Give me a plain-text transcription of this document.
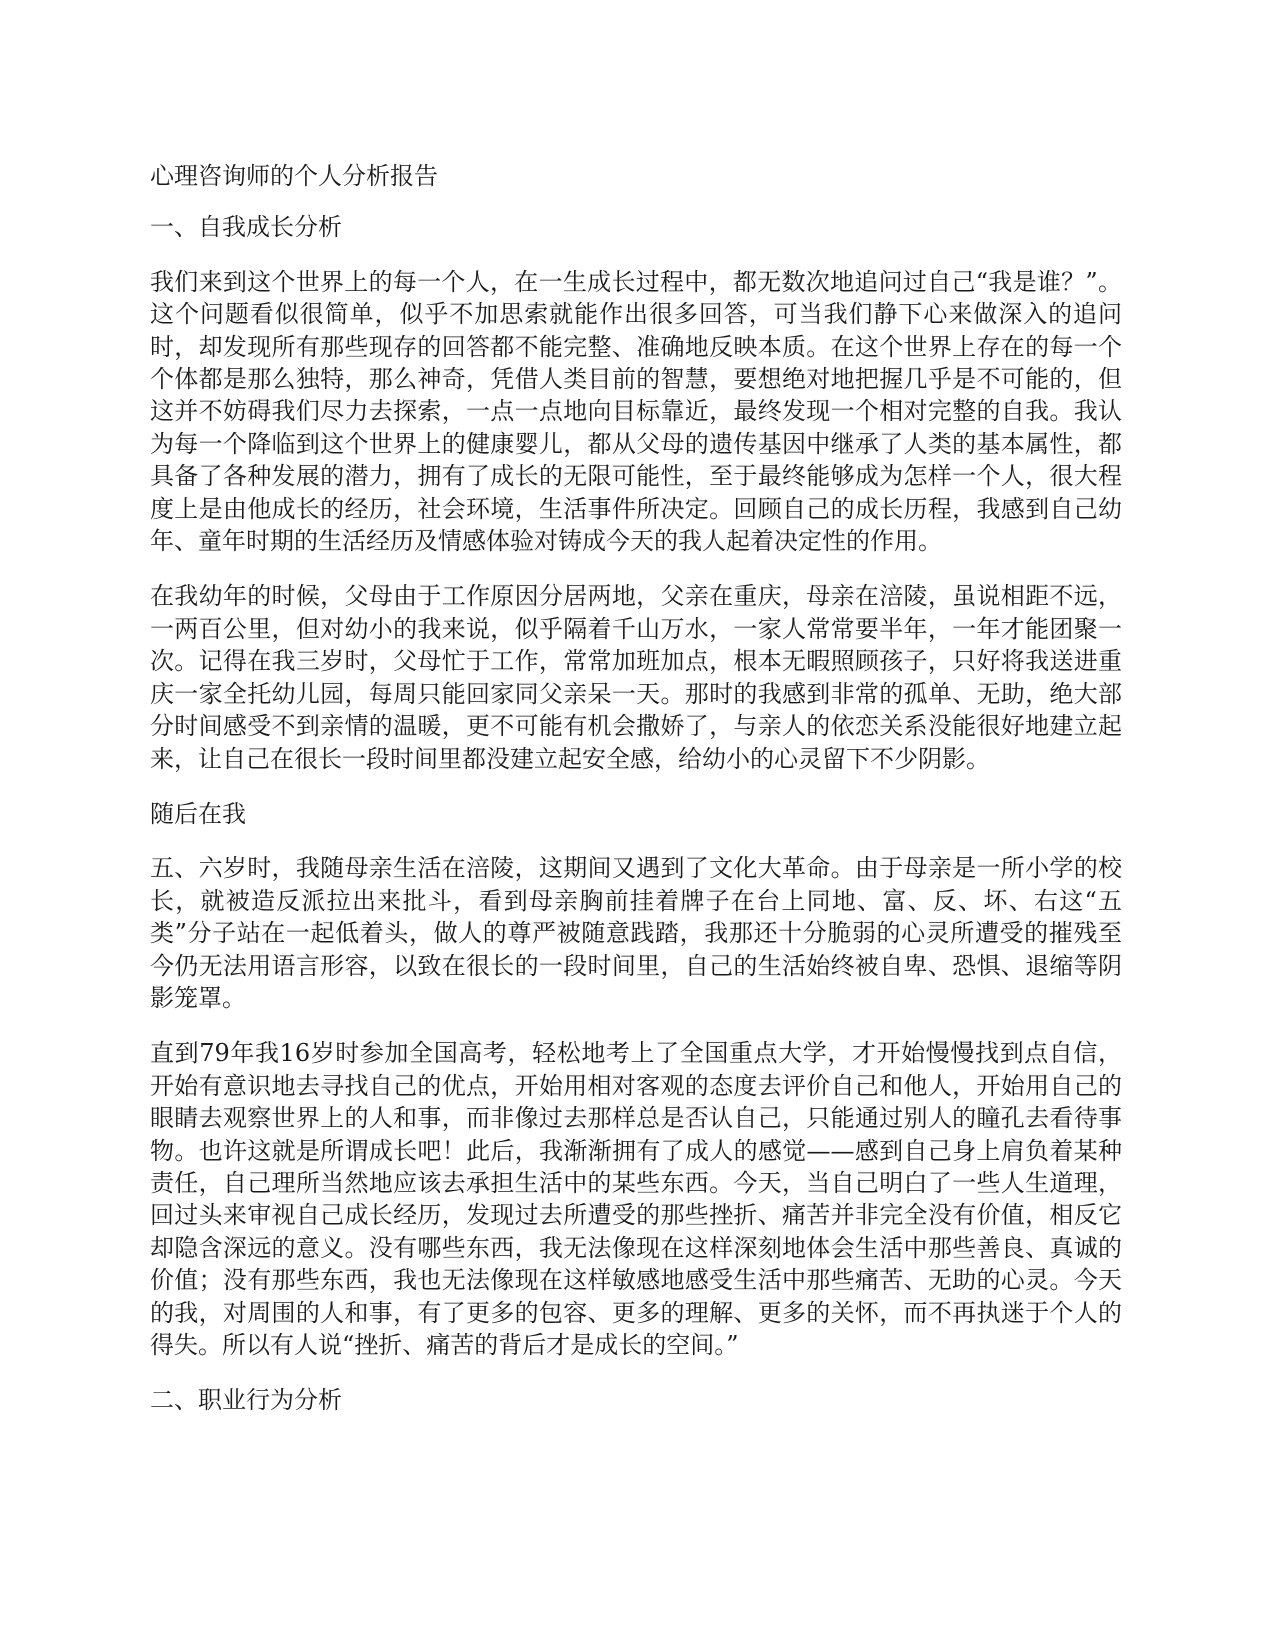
心理咨询师的个人分析报告

一、自我成长分析

我们来到这个世界上的每一个人，在一生成长过程中，都无数次地追问过自己“我是谁？”。这个问题看似很简单，似乎不加思索就能作出很多回答，可当我们静下心来做深入的追问时，却发现所有那些现存的回答都不能完整、准确地反映本质。在这个世界上存在的每一个个体都是那么独特，那么神奇，凭借人类目前的智慧，要想绝对地把握几乎是不可能的，但这并不妨碍我们尽力去探索，一点一点地向目标靠近，最终发现一个相对完整的自我。我认为每一个降临到这个世界上的健康婴儿，都从父母的遗传基因中继承了人类的基本属性，都具备了各种发展的潜力，拥有了成长的无限可能性，至于最终能够成为怎样一个人，很大程度上是由他成长的经历，社会环境，生活事件所决定。回顾自己的成长历程，我感到自己幼年、童年时期的生活经历及情感体验对铸成今天的我人起着决定性的作用。

在我幼年的时候，父母由于工作原因分居两地，父亲在重庆，母亲在涪陵，虽说相距不远，一两百公里，但对幼小的我来说，似乎隔着千山万水，一家人常常要半年，一年才能团聚一次。记得在我三岁时，父母忙于工作，常常加班加点，根本无暇照顾孩子，只好将我送进重庆一家全托幼儿园，每周只能回家同父亲呆一天。那时的我感到非常的孤单、无助，绝大部分时间感受不到亲情的温暖，更不可能有机会撒娇了，与亲人的依恋关系没能很好地建立起来，让自己在很长一段时间里都没建立起安全感，给幼小的心灵留下不少阴影。

随后在我

五、六岁时，我随母亲生活在涪陵，这期间又遇到了文化大革命。由于母亲是一所小学的校长，就被造反派拉出来批斗，看到母亲胸前挂着牌子在台上同地、富、反、坏、右这“五类”分子站在一起低着头，做人的尊严被随意践踏，我那还十分脆弱的心灵所遭受的摧残至今仍无法用语言形容，以致在很长的一段时间里，自己的生活始终被自卑、恐惧、退缩等阴影笼罩。

直到79年我16岁时参加全国高考，轻松地考上了全国重点大学，才开始慢慢找到点自信，开始有意识地去寻找自己的优点，开始用相对客观的态度去评价自己和他人，开始用自己的眼睛去观察世界上的人和事，而非像过去那样总是否认自己，只能通过别人的瞳孔去看待事物。也许这就是所谓成长吧！此后，我渐渐拥有了成人的感觉——感到自己身上肩负着某种责任，自己理所当然地应该去承担生活中的某些东西。今天，当自己明白了一些人生道理，回过头来审视自己成长经历，发现过去所遭受的那些挫折、痛苦并非完全没有价值，相反它却隐含深远的意义。没有哪些东西，我无法像现在这样深刻地体会生活中那些善良、真诚的价值；没有那些东西，我也无法像现在这样敏感地感受生活中那些痛苦、无助的心灵。今天的我，对周围的人和事，有了更多的包容、更多的理解、更多的关怀，而不再执迷于个人的得失。所以有人说“挫折、痛苦的背后才是成长的空间。”

二、职业行为分析
